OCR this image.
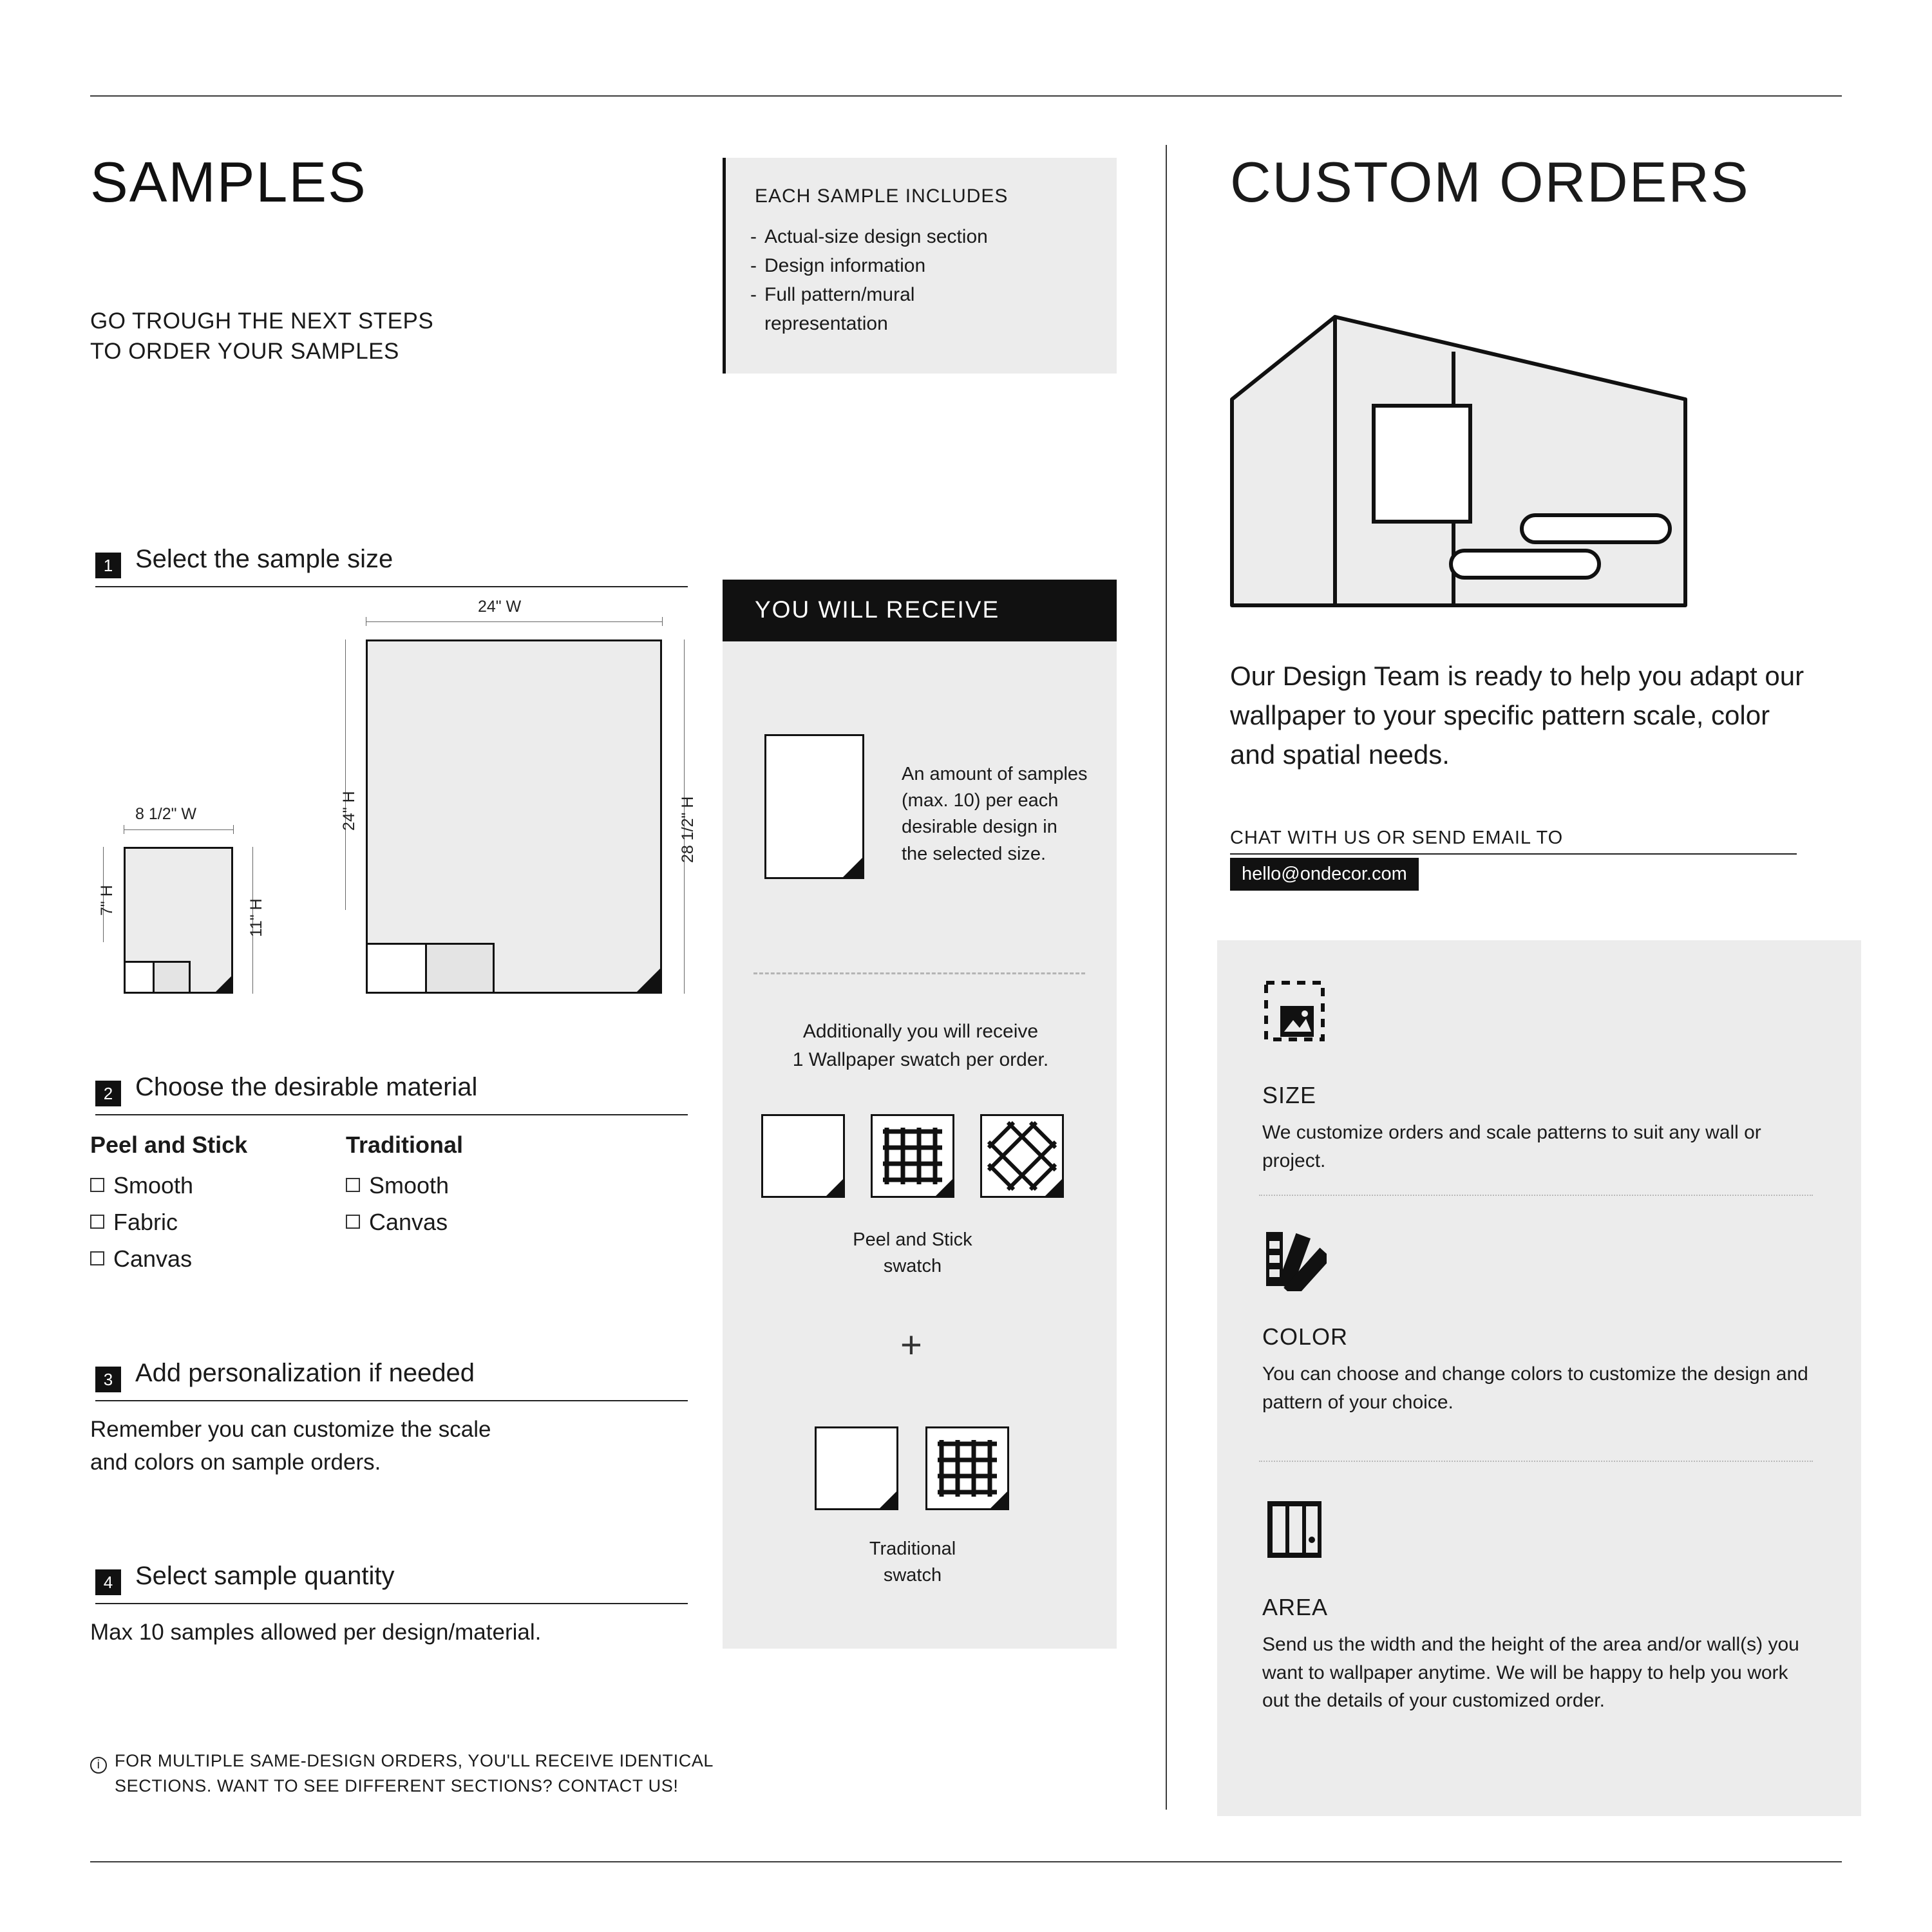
SAMPLES
GO TROUGH THE NEXT STEPS
TO ORDER YOUR SAMPLES
EACH SAMPLE INCLUDES
- Actual-size design section
- Design information
- Full pattern/mural
representation
1 Select the sample size
24" W
24" H	28 1/2" H
8 1/2" W
7" H	11" H
2 Choose the desirable material
Peel and Stick
Smooth
Fabric
Canvas
Traditional
Smooth
Canvas
3 Add personalization if needed
Remember you can customize the scale
and colors on sample orders.
4 Select sample quantity
Max 10 samples allowed per design/material.
i FOR MULTIPLE SAME-DESIGN ORDERS, YOU'LL RECEIVE IDENTICAL
SECTIONS. WANT TO SEE DIFFERENT SECTIONS? CONTACT US!
YOU WILL RECEIVE
An amount of samples (max. 10) per each desirable design in the selected size.
Additionally you will receive
1 Wallpaper swatch per order.
Peel and Stick
swatch
+
Traditional
swatch
CUSTOM ORDERS
Our Design Team is ready to help you adapt our wallpaper to your specific pattern scale, color and spatial needs.
CHAT WITH US OR SEND EMAIL TO
hello@ondecor.com
SIZE
We customize orders and scale patterns to suit any wall or project.
COLOR
You can choose and change colors to customize the design and pattern of your choice.
AREA
Send us the width and the height of the area and/or wall(s) you want to wallpaper anytime. We will be happy to help you work out the details of your customized order.
